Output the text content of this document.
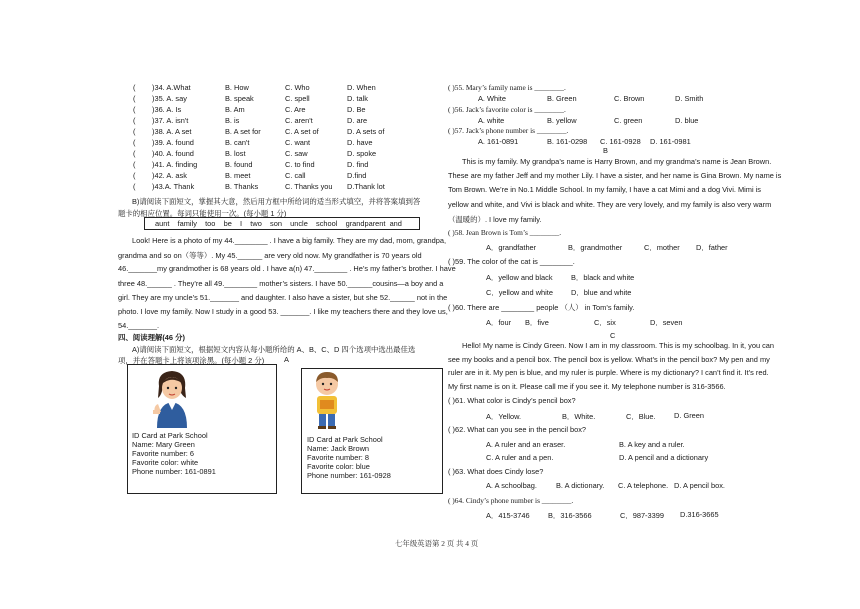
( )34. A.What	B. How	C. Who	D. When
( )35. A. say	B. speak	C. spell	D. talk
( )36. A. Is	B. Am	C. Are	D. Be
( )37. A. isn't	B. is	C. aren't	D. are
( )38. A. A set	B. A set for	C. A set of	D. A sets of
( )39. A. found	B. can't	C. want	D. have
( )40. A. found	B. lost	C. saw	D. spoke
( )41. A. finding	B. found	C. to find	D. find
( )42. A. ask	B. meet	C. call	D.find
( )43.A. Thank	B. Thanks	C. Thanks you D.Thank lot
B)请阅读下面短文，掌握其大意，然后用方框中所给词的适当形式填空，并将答案填到答
题卡的相应位置。每词只能使用一次。(每小题 1 分)
aunt    family    too    be    I    two    son    uncle    school    grandparent  and
Look! Here is a photo of my 44.________ . I have a big family. They are my dad, mom, grandpa,
grandma and so on（等等）. My 45.______ are very old now. My grandfather is 70 years old
46._______my grandmother is 68 years old . I have a(n) 47.________ . He’s my father’s brother. I have
three 48.______ . They’re all 49.________ mother’s sisters. I have 50.______cousins—a boy and a
girl. They are my uncle’s 51._______ and daughter. I also have a sister, but she 52.______ not in the
photo. I love my family. Now I study in a good 53. _______. I like my teachers there and they love us,
54._______.
四、阅读理解(46 分)
A)请阅读下面短文，根据短文内容从每小题所给的 A、B、C、D 四个选项中选出最佳选
项，并在答题卡上将该项涂黑。(每小题 2 分)	A
ID Card at Park School
Name: Mary Green
Favorite number: 6
Favorite color: white
Phone number: 161-0891
ID Card at Park School
Name: Jack Brown
Favorite number: 8
Favorite color: blue
Phone number: 161-0928
( )55. Mary’s family name is ________.
A. White	B. Green	C. Brown	D. Smith
( )56. Jack’s favorite color is ________.
A. white	B. yellow	C. green	D. blue
( )57. Jack’s phone number is ________.
A. 161-0891	B. 161-0298 C. 161-0928 D. 161-0981
B
This is my family. My grandpa’s name is Harry Brown, and my grandma’s name is Jean Brown.
These are my father Jeff and my mother Lily. I have a sister, and her name is Gina Brown. My name is
Tom Brown. We’re in No.1 Middle School. In my family, I have a cat Mimi and a dog Vivi. Mimi is
yellow and white, and Vivi is black and white. They are very lovely, and my family is also very warm
（温暖的）. I love my family.
( )58. Jean Brown is Tom’s ________.
A．grandfather	B．grandmother	C．mother D．father
( )59. The color of the cat is ________.
A．yellow and black B．black and white
C．yellow and white D．blue and white
( )60. There are ________ people （人） in Tom’s family.
A．four B．five	C．six	D．seven
C
Hello! My name is Cindy Green. Now I am in my classroom. This is my schoolbag. In it, you can
see my books and a pencil box. The pencil box is yellow. What’s in the pencil box? My pen and my
ruler are in it. My pen is blue, and my ruler is purple. Where is my dictionary? I can’t find it. It’s red.
My first name is on it. Please call me if you see it. My telephone number is 316-3566.
( )61. What color is Cindy’s pencil box?
A．Yellow.	B．White.	C．Blue. D. Green
( )62. What can you see in the pencil box?
A. A ruler and an eraser.	B. A key and a ruler.
C. A ruler and a pen.	D. A pencil and a dictionary
( )63. What does Cindy lose?
A. A schoolbag.	B. A dictionary. C. A telephone. D. A pencil box.
( )64. Cindy’s phone number is ________.
A．415-3746 B．316-3566	C．987-3399 D.316-3665
七年级英语第 2 页 共 4 页
